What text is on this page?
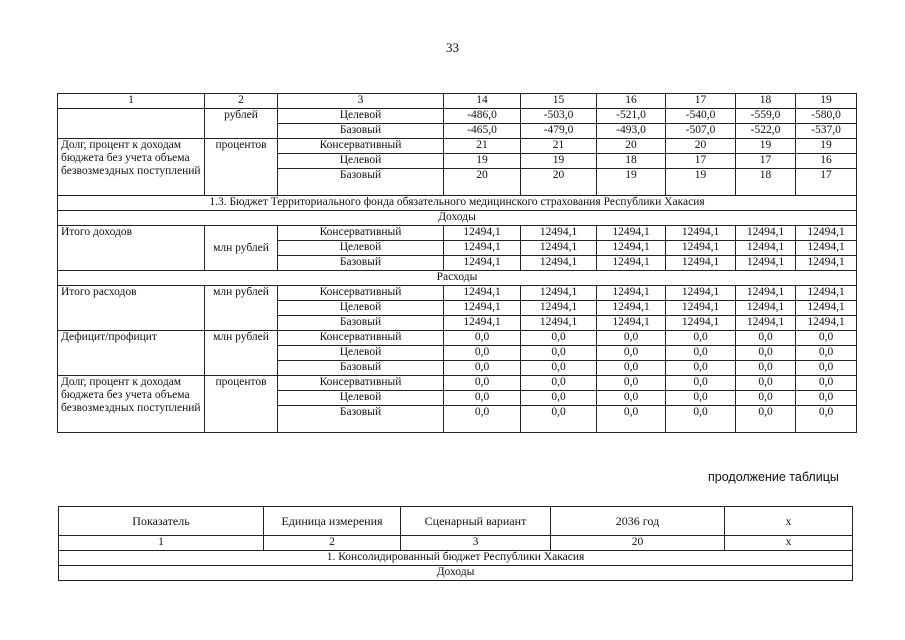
33
1	2	3	14	15	16	17	18	19
	рублей	Целевой	-486,0	-503,0	-521,0	-540,0	-559,0	-580,0
		Базовый	-465,0	-479,0	-493,0	-507,0	-522,0	-537,0
Долг, процент к доходам бюджета без учета объема безвозмездных поступлений	процентов	Консервативный	21	21	20	20	19	19
		Целевой	19	19	18	17	17	16
		Базовый	20	20	19	19	18	17
1.3. Бюджет Территориального фонда обязательного медицинского страхования Республики Хакасия								
Доходы								
Итого доходов	млн рублей	Консервативный	12494,1	12494,1	12494,1	12494,1	12494,1	12494,1
		Целевой	12494,1	12494,1	12494,1	12494,1	12494,1	12494,1
		Базовый	12494,1	12494,1	12494,1	12494,1	12494,1	12494,1
Расходы								
Итого расходов	млн рублей	Консервативный	12494,1	12494,1	12494,1	12494,1	12494,1	12494,1
		Целевой	12494,1	12494,1	12494,1	12494,1	12494,1	12494,1
		Базовый	12494,1	12494,1	12494,1	12494,1	12494,1	12494,1
Дефицит/профицит	млн рублей	Консервативный	0,0	0,0	0,0	0,0	0,0	0,0
		Целевой	0,0	0,0	0,0	0,0	0,0	0,0
		Базовый	0,0	0,0	0,0	0,0	0,0	0,0
Долг, процент к доходам бюджета без учета объема безвозмездных поступлений	процентов	Консервативный	0,0	0,0	0,0	0,0	0,0	0,0
		Целевой	0,0	0,0	0,0	0,0	0,0	0,0
		Базовый	0,0	0,0	0,0	0,0	0,0	0,0
продолжение таблицы
Показатель	Единица измерения	Сценарный вариант	2036 год	х
1	2	3	20	х
1. Консолидированный бюджет Республики Хакасия				
Доходы				
